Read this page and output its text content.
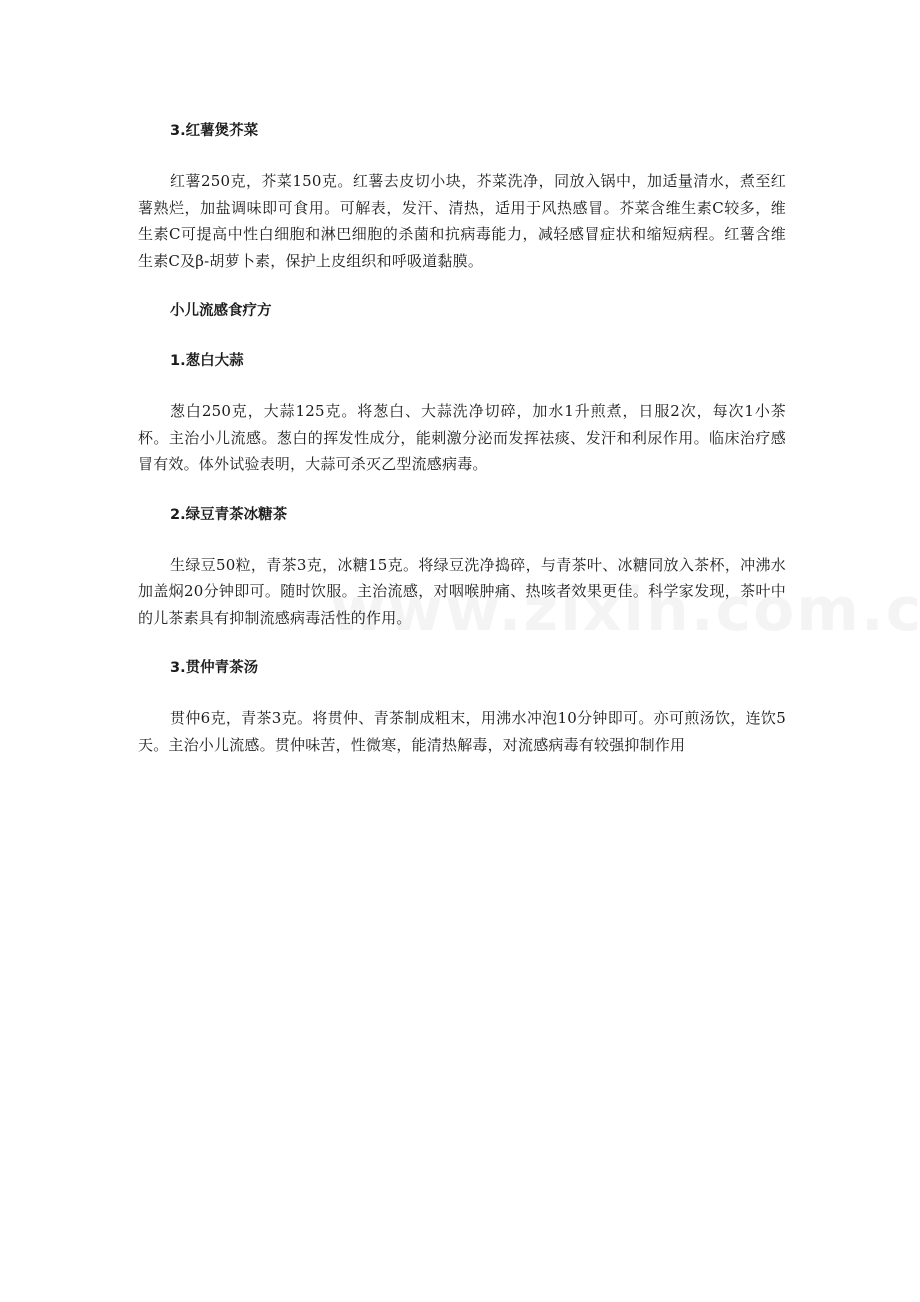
3.红薯煲芥菜

红薯250克，芥菜150克。红薯去皮切小块，芥菜洗净，同放入锅中，加适量清水，煮至红薯熟烂，加盐调味即可食用。可解表，发汗、清热，适用于风热感冒。芥菜含维生素C较多，维生素C可提高中性白细胞和淋巴细胞的杀菌和抗病毒能力，减轻感冒症状和缩短病程。红薯含维生素C及β-胡萝卜素，保护上皮组织和呼吸道黏膜。

小儿流感食疗方
1.葱白大蒜

葱白250克，大蒜125克。将葱白、大蒜洗净切碎，加水1升煎煮，日服2次，每次1小茶杯。主治小儿流感。葱白的挥发性成分，能刺激分泌而发挥祛痰、发汗和利尿作用。临床治疗感冒有效。体外试验表明，大蒜可杀灭乙型流感病毒。

2.绿豆青茶冰糖茶

生绿豆50粒，青茶3克，冰糖15克。将绿豆洗净捣碎，与青茶叶、冰糖同放入茶杯，冲沸水加盖焖20分钟即可。随时饮服。主治流感，对咽喉肿痛、热咳者效果更佳。科学家发现，茶叶中的儿茶素具有抑制流感病毒活性的作用。

3.贯仲青茶汤

贯仲6克，青茶3克。将贯仲、青茶制成粗末，用沸水冲泡10分钟即可。亦可煎汤饮，连饮5天。主治小儿流感。贯仲味苦，性微寒，能清热解毒，对流感病毒有较强抑制作用
